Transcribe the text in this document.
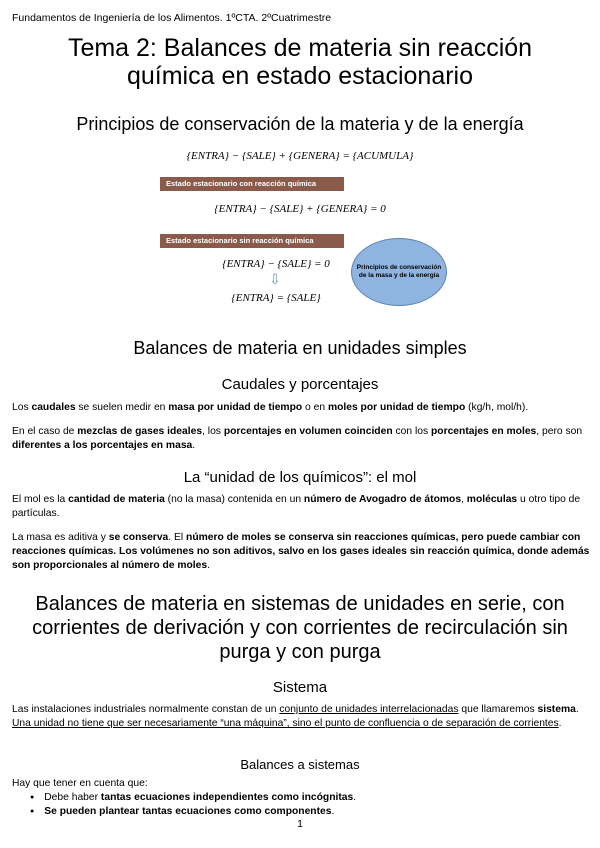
Fundamentos de Ingeniería de los Alimentos. 1ºCTA. 2ºCuatrimestre
Tema 2: Balances de materia sin reacción
química en estado estacionario
Principios de conservación de la materia y de la energía
{ENTRA} − {SALE} + {GENERA} = {ACUMULA}
Estado estacionario con reacción química
{ENTRA} − {SALE} + {GENERA} = 0
Estado estacionario sin reacción química
{ENTRA} − {SALE} = 0
⇩
{ENTRA} = {SALE}
Principios de conservación de la masa y de la energía
Balances de materia en unidades simples
Caudales y porcentajes
Los caudales se suelen medir en masa por unidad de tiempo o en moles por unidad de tiempo (kg/h, mol/h).
En el caso de mezclas de gases ideales, los porcentajes en volumen coinciden con los porcentajes en moles, pero son diferentes a los porcentajes en masa.
La “unidad de los químicos”: el mol
El mol es la cantidad de materia (no la masa) contenida en un número de Avogadro de átomos, moléculas u otro tipo de partículas.
La masa es aditiva y se conserva. El número de moles se conserva sin reacciones químicas, pero puede cambiar con reacciones químicas. Los volúmenes no son aditivos, salvo en los gases ideales sin reacción química, donde además son proporcionales al número de moles.
Balances de materia en sistemas de unidades en serie, con
corrientes de derivación y con corrientes de recirculación sin
purga y con purga
Sistema
Las instalaciones industriales normalmente constan de un conjunto de unidades interrelacionadas que llamaremos sistema. Una unidad no tiene que ser necesariamente “una máquina”, sino el punto de confluencia o de separación de corrientes.
Balances a sistemas
Hay que tener en cuenta que:
● Debe haber tantas ecuaciones independientes como incógnitas.
● Se pueden plantear tantas ecuaciones como componentes.
1
